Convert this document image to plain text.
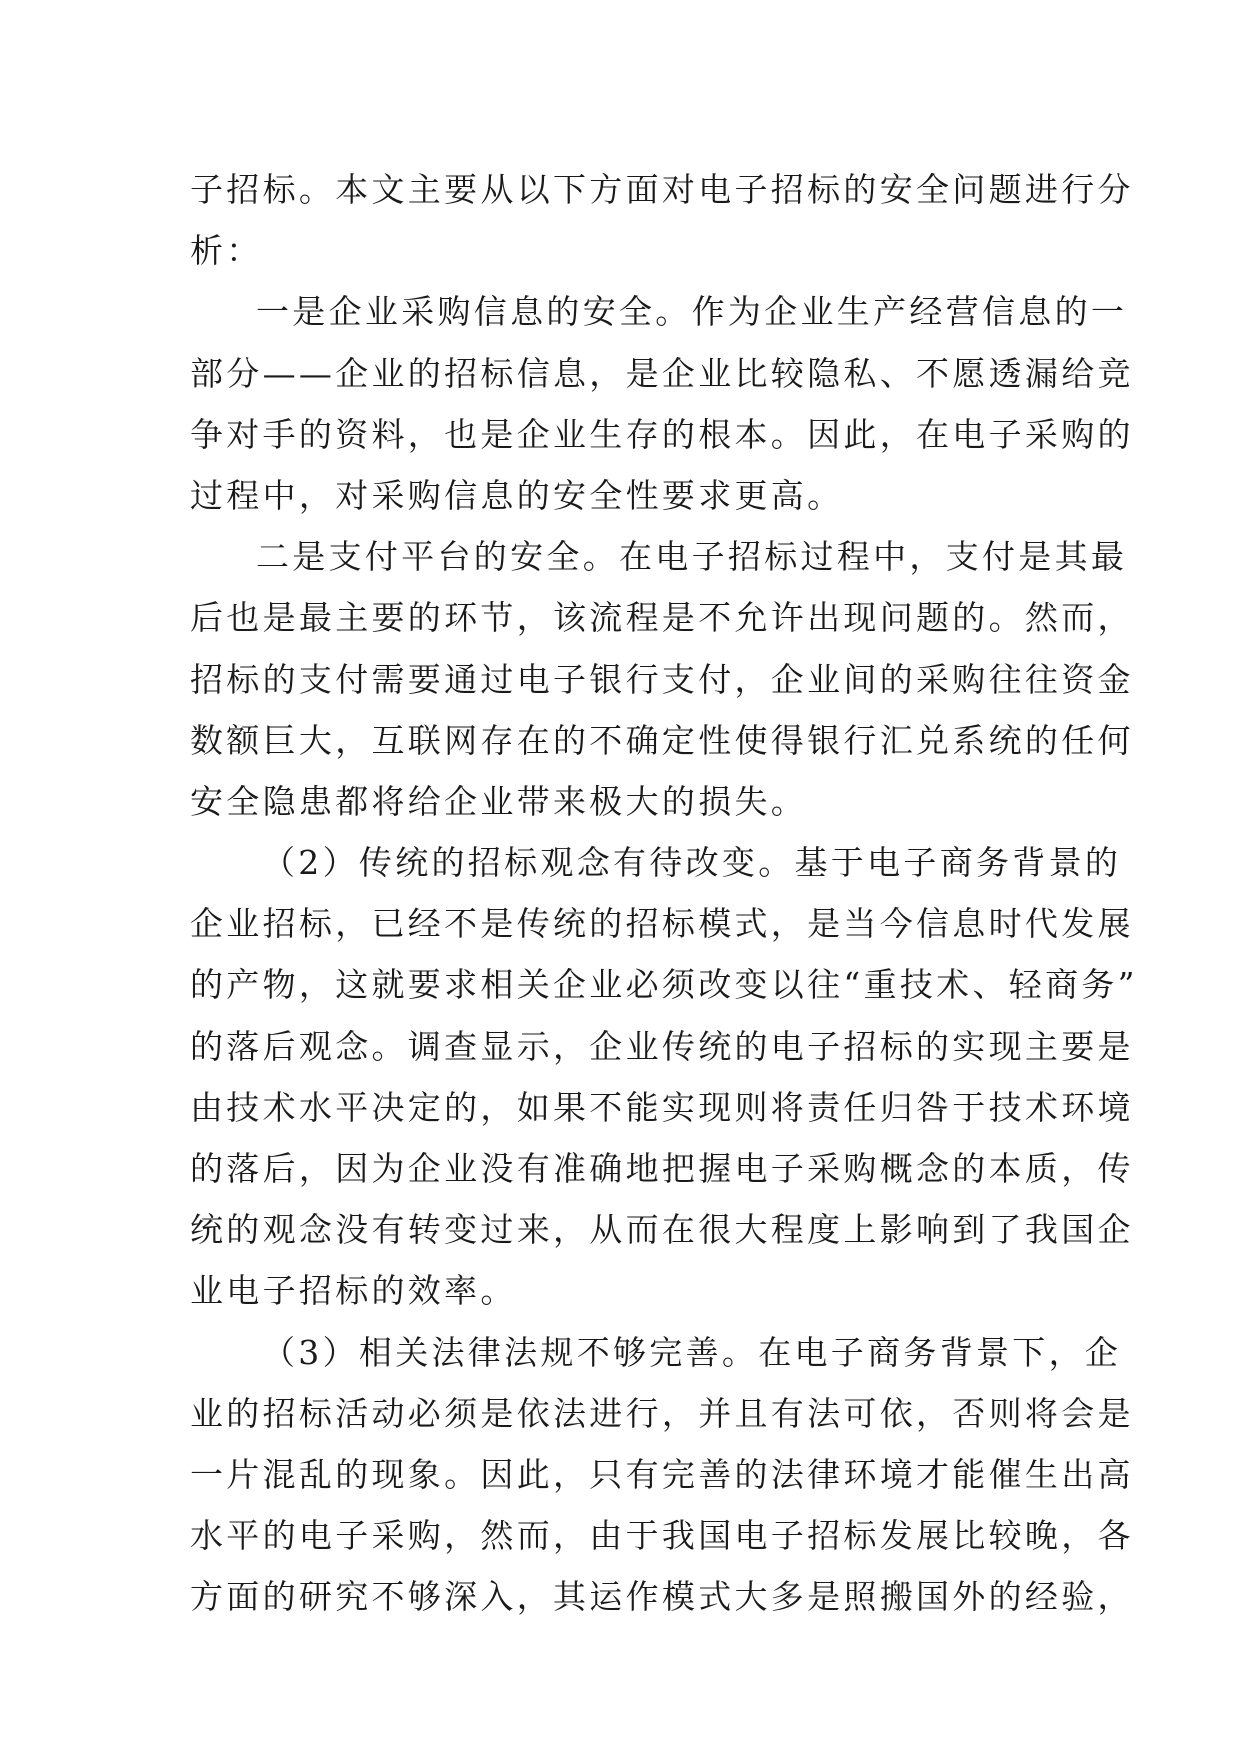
子招标。本文主要从以下方面对电子招标的安全问题进行分
析：
一是企业采购信息的安全。作为企业生产经营信息的一
部分——企业的招标信息，是企业比较隐私、不愿透漏给竞
争对手的资料，也是企业生存的根本。因此，在电子采购的
过程中，对采购信息的安全性要求更高。
二是支付平台的安全。在电子招标过程中，支付是其最
后也是最主要的环节，该流程是不允许出现问题的。然而，
招标的支付需要通过电子银行支付，企业间的采购往往资金
数额巨大，互联网存在的不确定性使得银行汇兑系统的任何
安全隐患都将给企业带来极大的损失。
（2）传统的招标观念有待改变。基于电子商务背景的
企业招标，已经不是传统的招标模式，是当今信息时代发展
的产物，这就要求相关企业必须改变以往“重技术、轻商务”
的落后观念。调查显示，企业传统的电子招标的实现主要是
由技术水平决定的，如果不能实现则将责任归咎于技术环境
的落后，因为企业没有准确地把握电子采购概念的本质，传
统的观念没有转变过来，从而在很大程度上影响到了我国企
业电子招标的效率。
（3）相关法律法规不够完善。在电子商务背景下，企
业的招标活动必须是依法进行，并且有法可依，否则将会是
一片混乱的现象。因此，只有完善的法律环境才能催生出高
水平的电子采购，然而，由于我国电子招标发展比较晚，各
方面的研究不够深入，其运作模式大多是照搬国外的经验，
